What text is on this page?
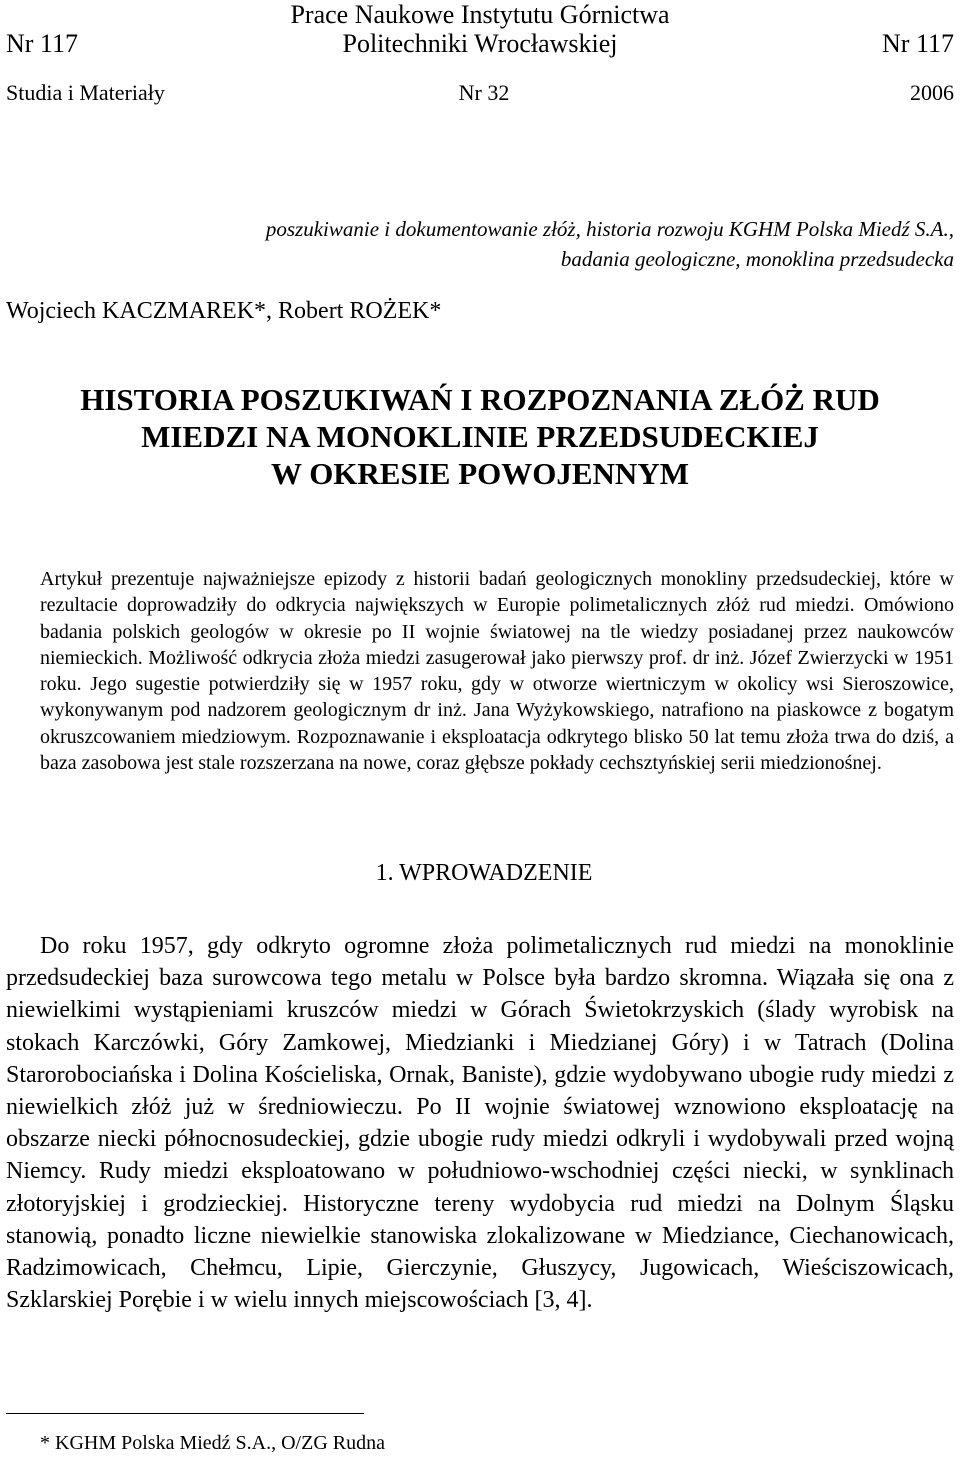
Prace Naukowe Instytutu Górnictwa
Nr 117	Politechniki Wrocławskiej	Nr 117
Studia i Materiały	Nr 32	2006
poszukiwanie i dokumentowanie złóż, historia rozwoju KGHM Polska Miedź S.A.,
badania geologiczne, monoklina przedsudecka
Wojciech KACZMAREK*, Robert ROŻEK*
HISTORIA POSZUKIWAŃ I ROZPOZNANIA ZŁÓŻ RUD
MIEDZI NA MONOKLINIE PRZEDSUDECKIEJ
W OKRESIE POWOJENNYM
Artykuł prezentuje najważniejsze epizody z historii badań geologicznych monokliny przedsudeckiej, które w rezultacie doprowadziły do odkrycia największych w Europie polimetalicznych złóż rud miedzi. Omówiono badania polskich geologów w okresie po II wojnie światowej na tle wiedzy posiadanej przez naukowców niemieckich. Możliwość odkrycia złoża miedzi zasugerował jako pierwszy prof. dr inż. Józef Zwierzycki w 1951 roku. Jego sugestie potwierdziły się w 1957 roku, gdy w otworze wiertniczym w okolicy wsi Sieroszowice, wykonywanym pod nadzorem geologicznym dr inż. Jana Wyżykowskiego, natrafiono na piaskowce z bogatym okruszcowaniem miedziowym. Rozpoznawanie i eksploatacja odkrytego blisko 50 lat temu złoża trwa do dziś, a baza zasobowa jest stale rozszerzana na nowe, coraz głębsze pokłady cechsztyńskiej serii miedzionośnej.
1. WPROWADZENIE
Do roku 1957, gdy odkryto ogromne złoża polimetalicznych rud miedzi na monoklinie przedsudeckiej baza surowcowa tego metalu w Polsce była bardzo skromna. Wiązała się ona z niewielkimi wystąpieniami kruszców miedzi w Górach Świetokrzyskich (ślady wyrobisk na stokach Karczówki, Góry Zamkowej, Miedzianki i Miedzianej Góry) i w Tatrach (Dolina Starorobociańska i Dolina Kościeliska, Ornak, Baniste), gdzie wydobywano ubogie rudy miedzi z niewielkich złóż już w średniowieczu. Po II wojnie światowej wznowiono eksploatację na obszarze niecki północnosudeckiej, gdzie ubogie rudy miedzi odkryli i wydobywali przed wojną Niemcy. Rudy miedzi eksploatowano w południowo-wschodniej części niecki, w synklinach złotoryjskiej i grodzieckiej. Historyczne tereny wydobycia rud miedzi na Dolnym Śląsku stanowią, ponadto liczne niewielkie stanowiska zlokalizowane w Miedziance, Ciechanowicach, Radzimowicach, Chełmcu, Lipie, Gierczynie, Głuszycy, Jugowicach, Wieściszowicach, Szklarskiej Porębie i w wielu innych miejscowościach [3, 4].
* KGHM Polska Miedź S.A., O/ZG Rudna
